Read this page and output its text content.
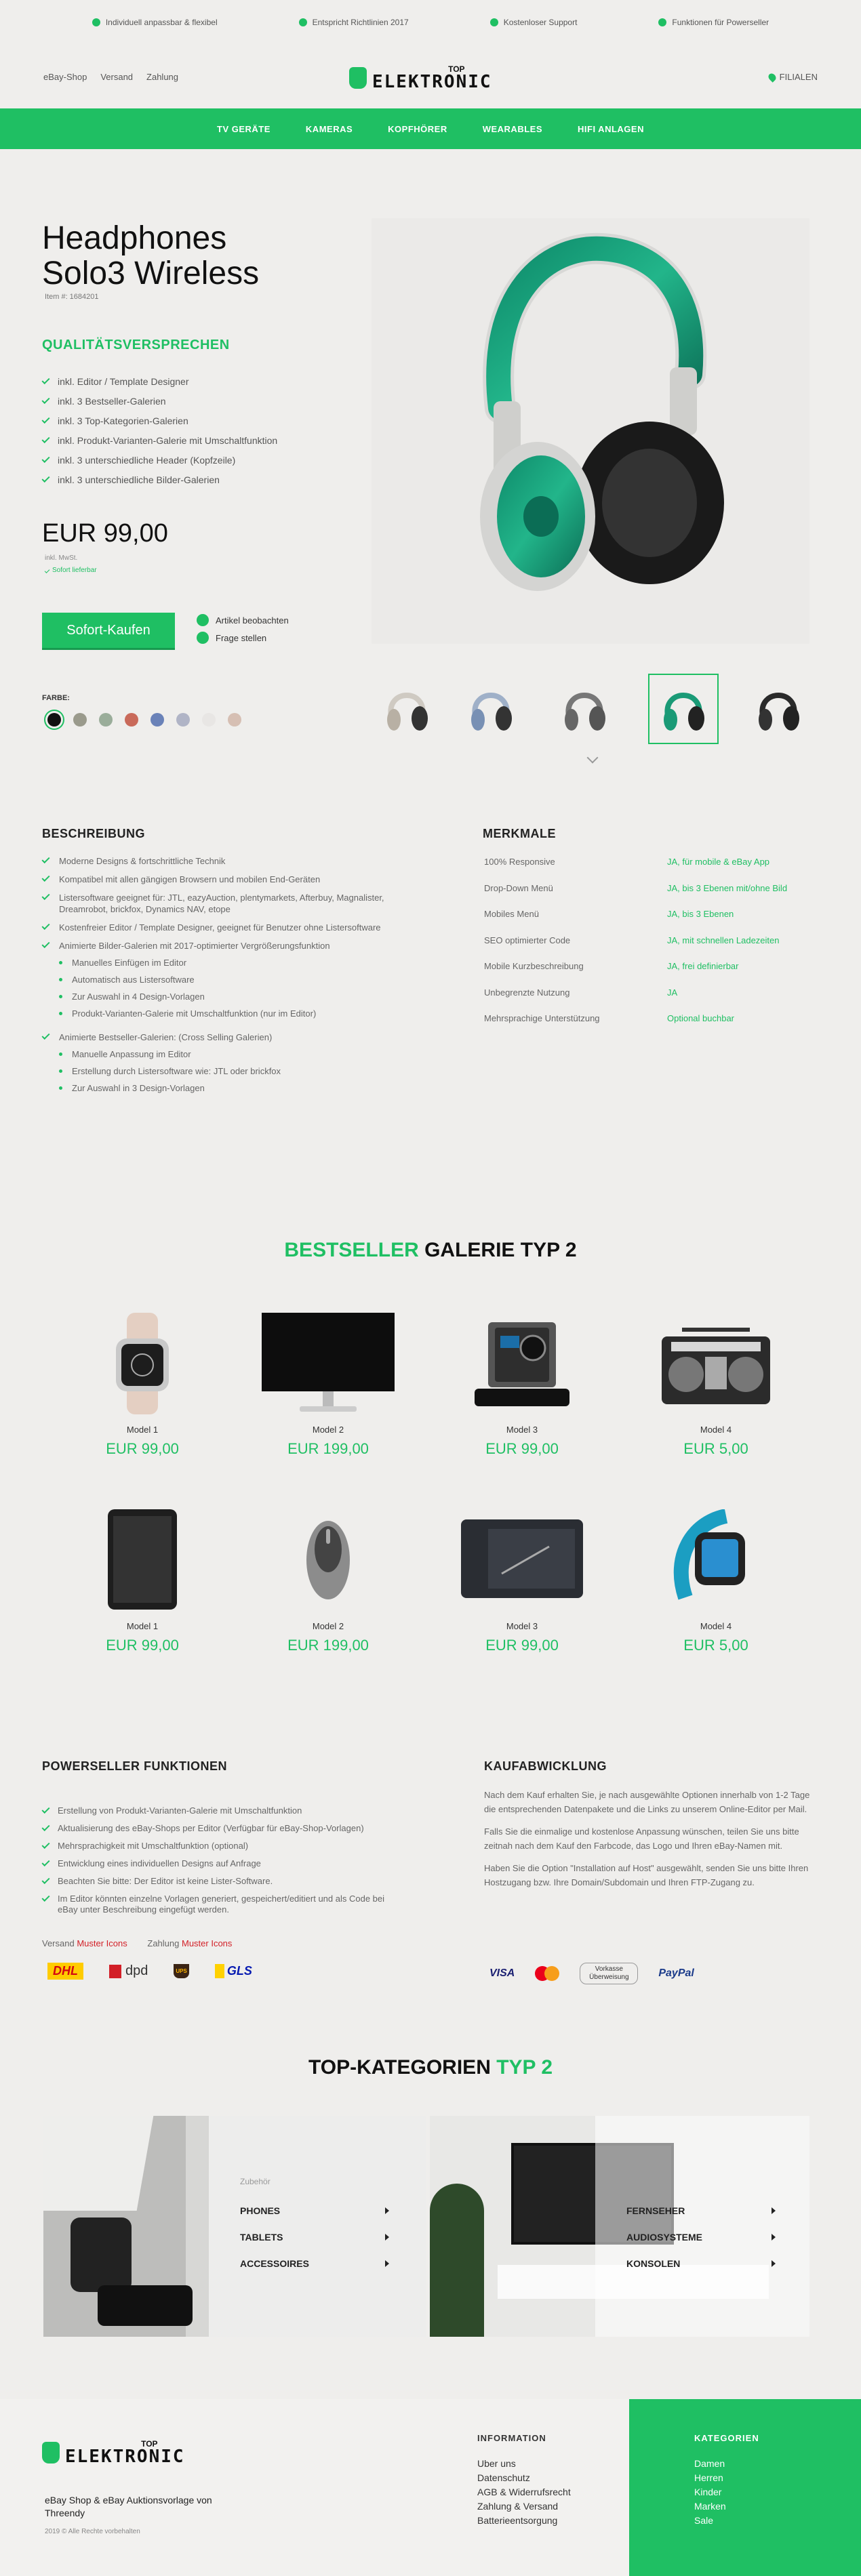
Individuell anpassbar & flexibel	Entspricht Richtlinien 2017	Kostenloser Support	Funktionen für Powerseller
eBay-Shop Versand Zahlung
TOP
ELEKTRONIC	FILIALEN
TV GERÄTE	KAMERAS	KOPFHÖRER	WEARABLES	HIFI ANLAGEN
Headphones
Solo3 Wireless
Item #: 1684201
QUALITÄTSVERSPRECHEN
inkl. Editor / Template Designer
inkl. 3 Bestseller-Galerien
inkl. 3 Top-Kategorien-Galerien
inkl. Produkt-Varianten-Galerie mit Umschaltfunktion
inkl. 3 unterschiedliche Header (Kopfzeile)
inkl. 3 unterschiedliche Bilder-Galerien
EUR 99,00
inkl. MwSt.
Sofort lieferbar
Sofort-Kaufen
Artikel beobachten
Frage stellen
FARBE:
BESCHREIBUNG
Moderne Designs & fortschrittliche Technik
Kompatibel mit allen gängigen Browsern und mobilen End-Geräten
Listersoftware geeignet für: JTL, eazyAuction, plentymarkets, Afterbuy, Magnalister, Dreamrobot, brickfox, Dynamics NAV, etope
Kostenfreier Editor / Template Designer, geeignet für Benutzer ohne Listersoftware
Animierte Bilder-Galerien mit 2017-optimierter Vergrößerungsfunktion
Manuelles Einfügen im Editor
Automatisch aus Listersoftware
Zur Auswahl in 4 Design-Vorlagen
Produkt-Varianten-Galerie mit Umschaltfunktion (nur im Editor)
Animierte Bestseller-Galerien: (Cross Selling Galerien)
Manuelle Anpassung im Editor
Erstellung durch Listersoftware wie: JTL oder brickfox
Zur Auswahl in 3 Design-Vorlagen
MERKMALE
100% Responsive	JA, für mobile & eBay App
Drop-Down Menü	JA, bis 3 Ebenen mit/ohne Bild
Mobiles Menü	JA, bis 3 Ebenen
SEO optimierter Code	JA, mit schnellen Ladezeiten
Mobile Kurzbeschreibung	JA, frei definierbar
Unbegrenzte Nutzung	JA
Mehrsprachige Unterstützung	Optional buchbar
BESTSELLER GALERIE TYP 2
Model 1
EUR 99,00
Model 2
EUR 199,00
Model 3
EUR 99,00
Model 4
EUR 5,00
Model 1
EUR 99,00
Model 2
EUR 199,00
Model 3
EUR 99,00
Model 4
EUR 5,00
POWERSELLER FUNKTIONEN
Erstellung von Produkt-Varianten-Galerie mit Umschaltfunktion
Aktualisierung des eBay-Shops per Editor (Verfügbar für eBay-Shop-Vorlagen)
Mehrsprachigkeit mit Umschaltfunktion (optional)
Entwicklung eines individuellen Designs auf Anfrage
Beachten Sie bitte: Der Editor ist keine Lister-Software.
Im Editor könnten einzelne Vorlagen generiert, gespeichert/editiert und als Code bei eBay unter Beschreibung eingefügt werden.
Versand Muster Icons Zahlung Muster Icons
DHL	dpd	UPS	GLS
KAUFABWICKLUNG

Nach dem Kauf erhalten Sie, je nach ausgewählte Optionen innerhalb von 1-2 Tage die entsprechenden Datenpakete und die Links zu unserem Online-Editor per Mail.

Falls Sie die einmalige und kostenlose Anpassung wünschen, teilen Sie uns bitte zeitnah nach dem Kauf den Farbcode, das Logo und Ihren eBay-Namen mit.

Haben Sie die Option "Installation auf Host" ausgewählt, senden Sie uns bitte Ihren Hostzugang bzw. Ihre Domain/Subdomain und Ihren FTP-Zugang zu.

VISA	Vorkasse Überweisung	PayPal
TOP-KATEGORIEN TYP 2
Zubehör
PHONES
TABLETS
ACCESSOIRES
FERNSEHER
AUDIOSYSTEME
KONSOLEN
TOP
ELEKTRONIC
eBay Shop & eBay Auktionsvorlage von Threendy
2019 © Alle Rechte vorbehalten
INFORMATION
Uber uns
Datenschutz
AGB & Widerrufsrecht
Zahlung & Versand
Batterieentsorgung
KATEGORIEN
Damen
Herren
Kinder
Marken
Sale
